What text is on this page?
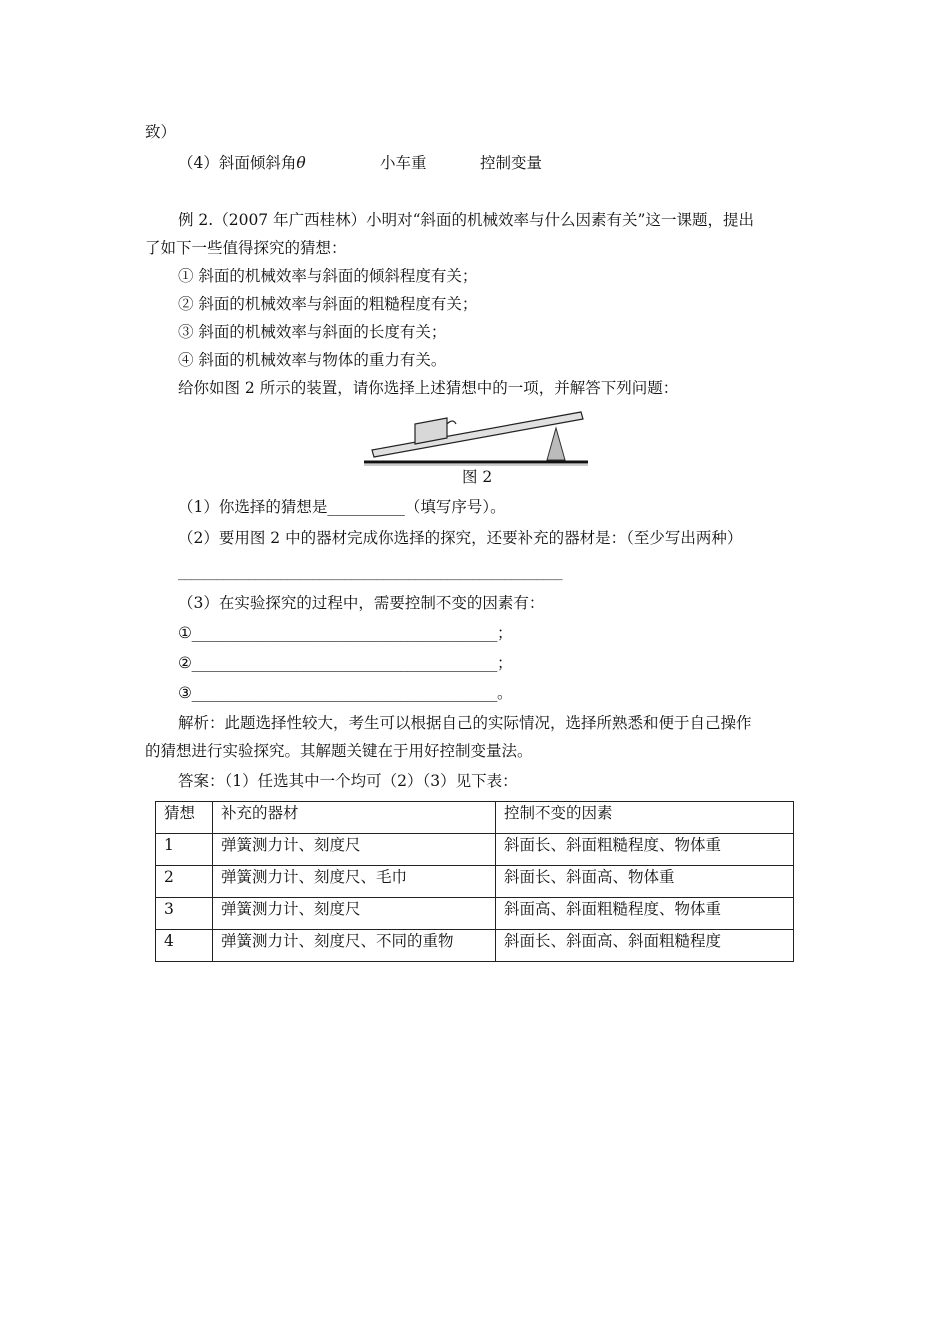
致）
（4）斜面倾斜角θ	小车重	控制变量
例 2.（2007 年广西桂林）小明对“斜面的机械效率与什么因素有关”这一课题，提出
了如下一些值得探究的猜想：
① 斜面的机械效率与斜面的倾斜程度有关；
② 斜面的机械效率与斜面的粗糙程度有关；
③ 斜面的机械效率与斜面的长度有关；
④ 斜面的机械效率与物体的重力有关。
给你如图 2 所示的装置，请你选择上述猜想中的一项，并解答下列问题：
图 2
（1）你选择的猜想是__________（填写序号）。
（2）要用图 2 中的器材完成你选择的探究，还要补充的器材是：（至少写出两种）
____________________________________________________________
（3）在实验探究的过程中，需要控制不变的因素有：
①_________________________________________；
②_________________________________________；
③_________________________________________。
解析：此题选择性较大，考生可以根据自己的实际情况，选择所熟悉和便于自己操作
的猜想进行实验探究。其解题关键在于用好控制变量法。
答案：（1）任选其中一个均可（2）（3）见下表：
猜想	补充的器材	控制不变的因素
1	弹簧测力计、刻度尺	斜面长、斜面粗糙程度、物体重
2	弹簧测力计、刻度尺、毛巾	斜面长、斜面高、物体重
3	弹簧测力计、刻度尺	斜面高、斜面粗糙程度、物体重
4	弹簧测力计、刻度尺、不同的重物	斜面长、斜面高、斜面粗糙程度
